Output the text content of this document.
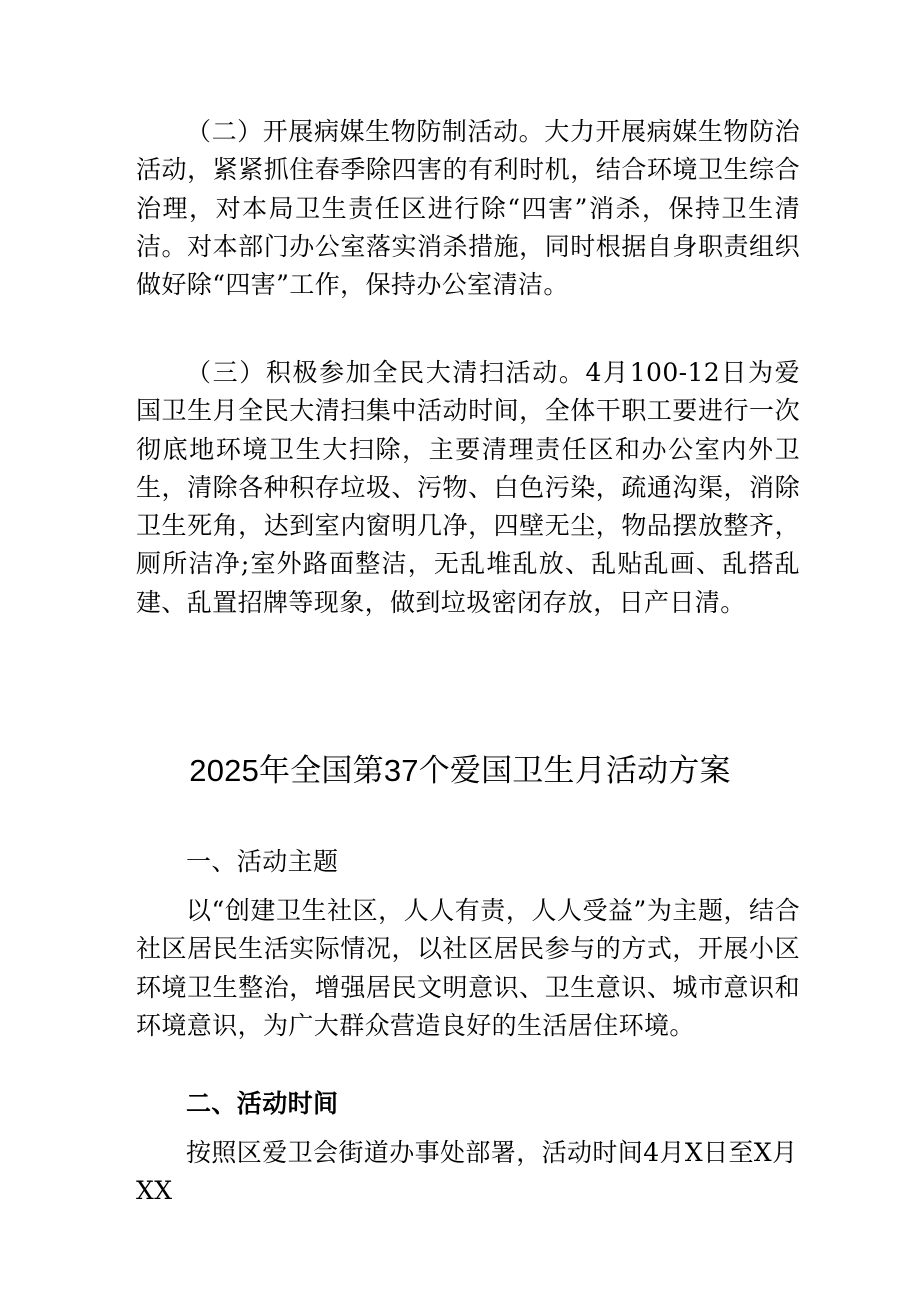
（二）开展病媒生物防制活动。大力开展病媒生物防治活动，紧紧抓住春季除四害的有利时机，结合环境卫生综合治理，对本局卫生责任区进行除“四害”消杀，保持卫生清洁。对本部门办公室落实消杀措施，同时根据自身职责组织做好除“四害”工作，保持办公室清洁。

（三）积极参加全民大清扫活动。4月100-12日为爱国卫生月全民大清扫集中活动时间，全体干职工要进行一次彻底地环境卫生大扫除，主要清理责任区和办公室内外卫生，清除各种积存垃圾、污物、白色污染，疏通沟渠，消除卫生死角，达到室内窗明几净，四壁无尘，物品摆放整齐，厕所洁净;室外路面整洁，无乱堆乱放、乱贴乱画、乱搭乱建、乱置招牌等现象，做到垃圾密闭存放，日产日清。

2025年全国第37个爱国卫生月活动方案

一、活动主题

以“创建卫生社区，人人有责，人人受益”为主题，结合社区居民生活实际情况，以社区居民参与的方式，开展小区环境卫生整治，增强居民文明意识、卫生意识、城市意识和环境意识，为广大群众营造良好的生活居住环境。

二、活动时间

按照区爱卫会街道办事处部署，活动时间4月X日至X月XX
